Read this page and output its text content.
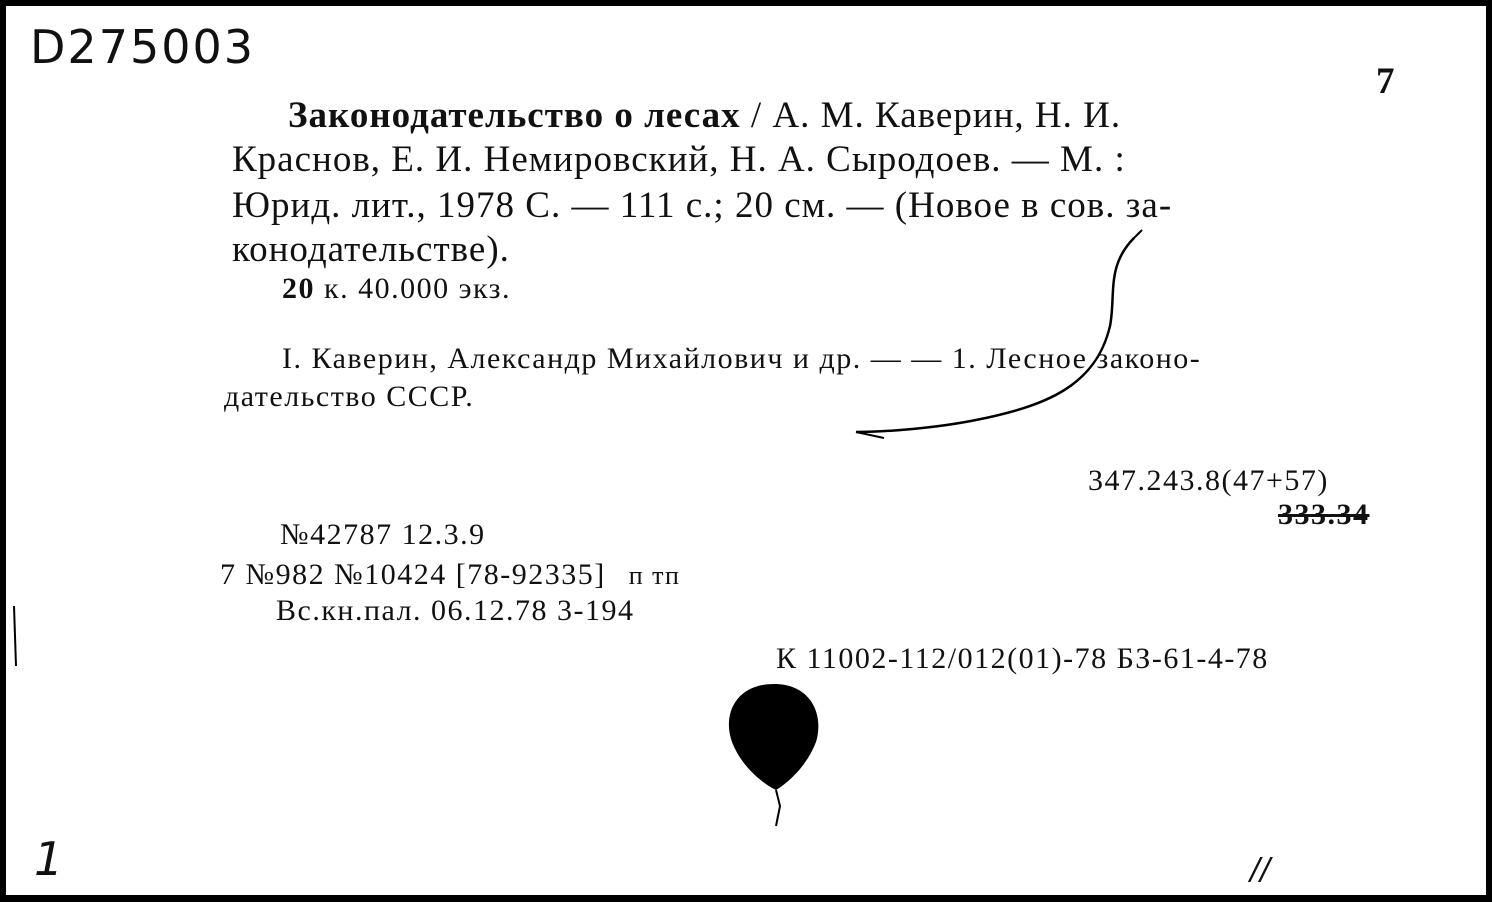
D275003
7
Законодательство о лесах / А. М. Каверин, Н. И.
Краснов, Е. И. Немировский, Н. А. Сыродоев. — М. :
Юрид. лит., 1978 С. — 111 с.; 20 см. — (Новое в сов. за-
конодательстве).
20 к. 40.000 экз.
I. Каверин, Александр Михайлович и др. — — 1. Лесное законо-
дательство СССР.
347.243.8(47+57)
333.34
№42787 12.3.9
7 №982 №10424 [78-92335] п тп
Вс.кн.пал. 06.12.78 3-194
К 11002-112/012(01)-78 БЗ-61-4-78
1	//
